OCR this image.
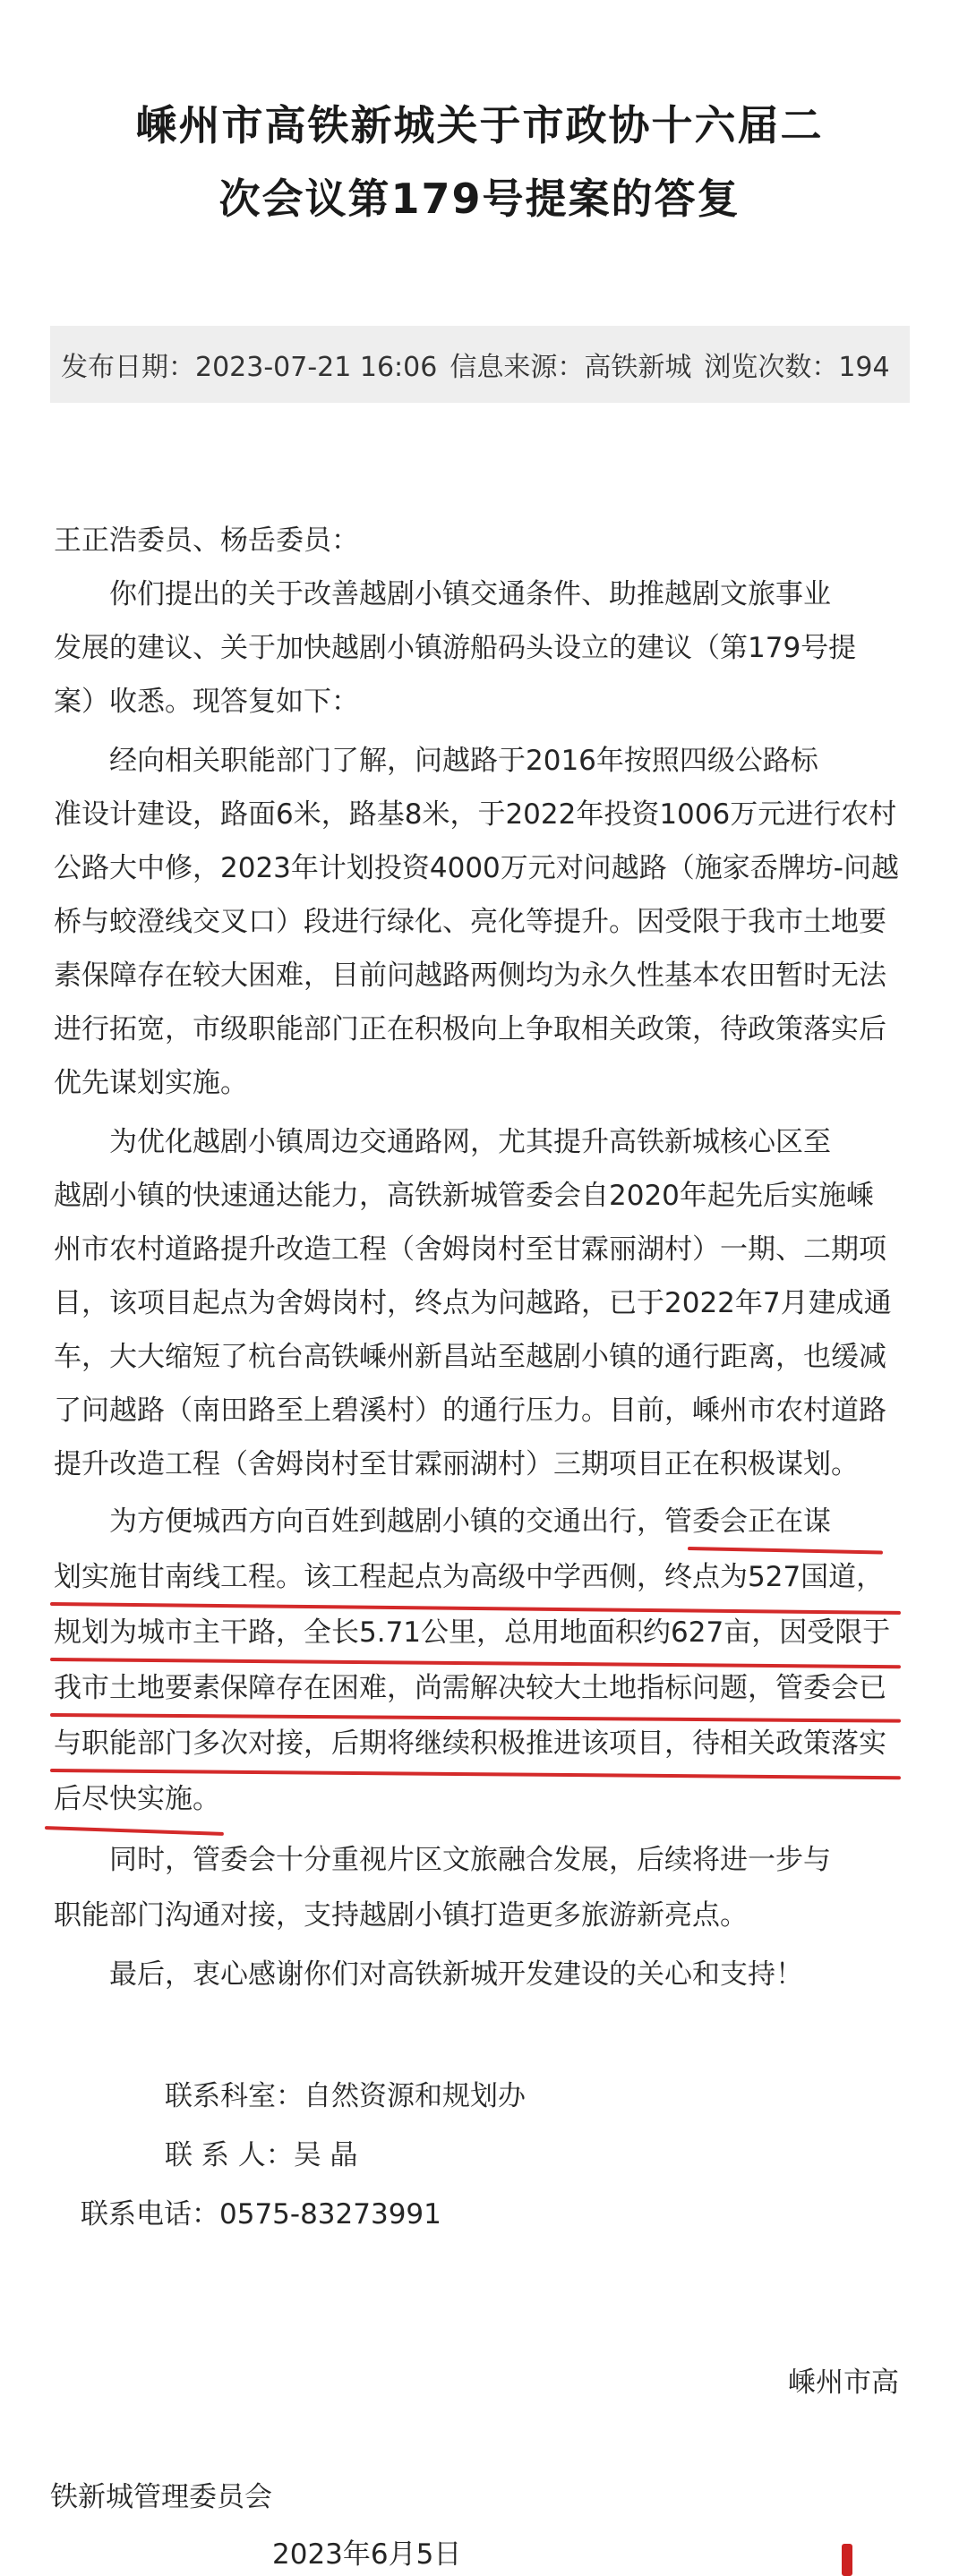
嵊州市高铁新城关于市政协十六届二
次会议第179号提案的答复
发布日期：2023-07-21 16:06 信息来源：高铁新城 浏览次数：194
王正浩委员、杨岳委员：
你们提出的关于改善越剧小镇交通条件、助推越剧文旅事业
发展的建议、关于加快越剧小镇游船码头设立的建议（第179号提
案）收悉。现答复如下：
经向相关职能部门了解，问越路于2016年按照四级公路标
准设计建设，路面6米，路基8米，于2022年投资1006万元进行农村
公路大中修，2023年计划投资4000万元对问越路（施家岙牌坊-问越
桥与蛟澄线交叉口）段进行绿化、亮化等提升。因受限于我市土地要
素保障存在较大困难，目前问越路两侧均为永久性基本农田暂时无法
进行拓宽，市级职能部门正在积极向上争取相关政策，待政策落实后
优先谋划实施。
为优化越剧小镇周边交通路网，尤其提升高铁新城核心区至
越剧小镇的快速通达能力，高铁新城管委会自2020年起先后实施嵊
州市农村道路提升改造工程（舍姆岗村至甘霖丽湖村）一期、二期项
目，该项目起点为舍姆岗村，终点为问越路，已于2022年7月建成通
车，大大缩短了杭台高铁嵊州新昌站至越剧小镇的通行距离，也缓减
了问越路（南田路至上碧溪村）的通行压力。目前，嵊州市农村道路
提升改造工程（舍姆岗村至甘霖丽湖村）三期项目正在积极谋划。
为方便城西方向百姓到越剧小镇的交通出行，管委会正在谋
划实施甘南线工程。该工程起点为高级中学西侧，终点为527国道，
规划为城市主干路，全长5.71公里，总用地面积约627亩，因受限于
我市土地要素保障存在困难，尚需解决较大土地指标问题，管委会已
与职能部门多次对接，后期将继续积极推进该项目，待相关政策落实
后尽快实施。
同时，管委会十分重视片区文旅融合发展，后续将进一步与
职能部门沟通对接，支持越剧小镇打造更多旅游新亮点。
最后，衷心感谢你们对高铁新城开发建设的关心和支持！
联系科室：自然资源和规划办
联 系 人：吴 晶
联系电话：0575-83273991
嵊州市高
铁新城管理委员会
2023年6月5日
